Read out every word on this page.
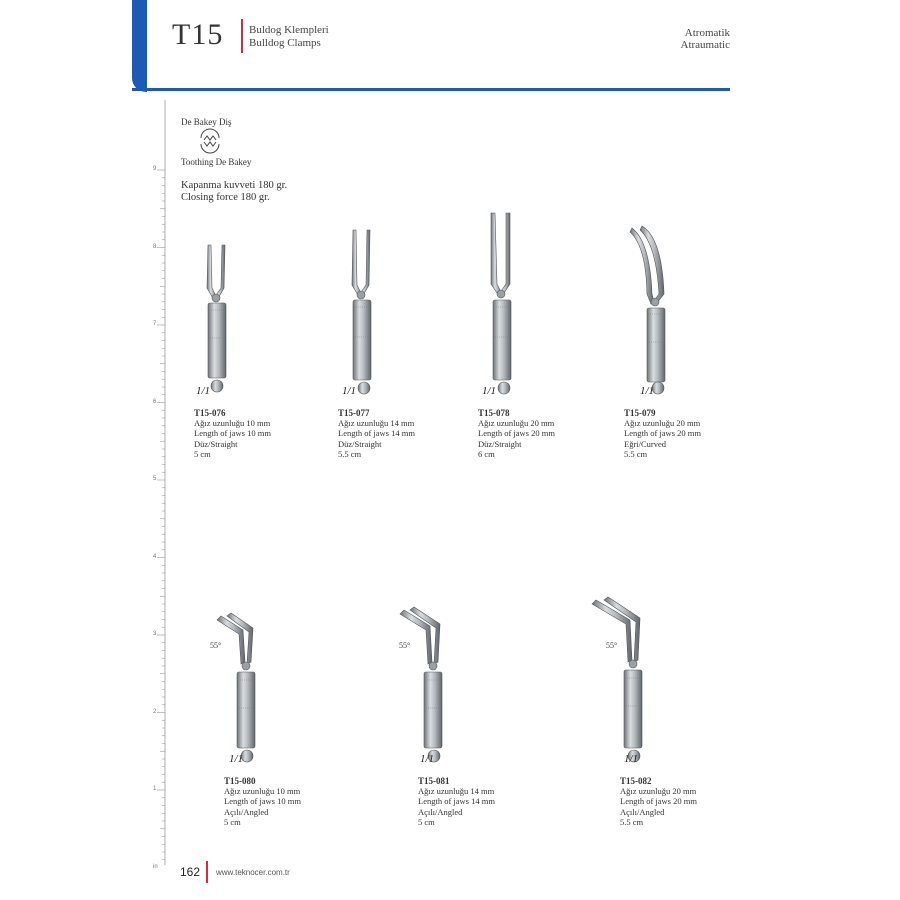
T15 Buldog Klempleri
Bulldog Clamps
Atromatik
Atraumatic
9
8
7
6
5
4
3
2
1
in
De Bakey Diş
Toothing De Bakey
Kapanma kuvveti 180 gr.
Closing force 180 gr.
1/1
T15-076
Ağız uzunluğu 10 mm
Length of jaws 10 mm
Düz/Straight
5 cm
1/1
T15-077
Ağız uzunluğu 14 mm
Length of jaws 14 mm
Düz/Straight
5.5 cm
1/1
T15-078
Ağız uzunluğu 20 mm
Length of jaws 20 mm
Düz/Straight
6 cm
1/1
T15-079
Ağız uzunluğu 20 mm
Length of jaws 20 mm
Eğri/Curved
5.5 cm
55°
1/1
T15-080
Ağız uzunluğu 10 mm
Length of jaws 10 mm
Açılı/Angled
5 cm
55°
1/1
T15-081
Ağız uzunluğu 14 mm
Length of jaws 14 mm
Açılı/Angled
5 cm
55°
1/1
T15-082
Ağız uzunluğu 20 mm
Length of jaws 20 mm
Açılı/Angled
5.5 cm
162 www.teknocer.com.tr
